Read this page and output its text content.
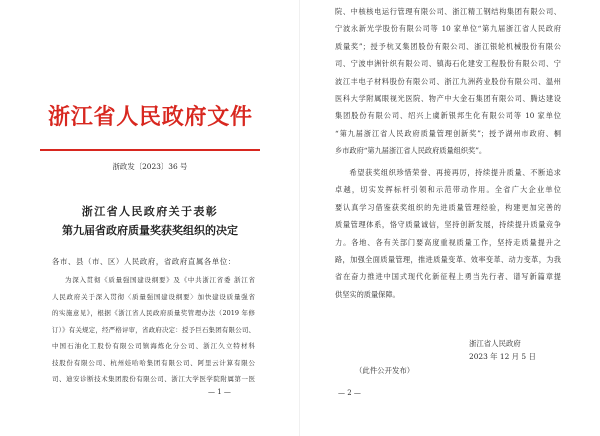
浙江省人民政府文件
浙政发〔2023〕36 号
浙江省人民政府关于表彰
第九届省政府质量奖获奖组织的决定
各市、县（市、区）人民政府，省政府直属各单位：
为深入贯彻《质量强国建设纲要》及《中共浙江省委 浙江省
人民政府关于深入贯彻〈质量强国建设纲要〉加快建设质量强省
的实施意见》，根据《浙江省人民政府质量奖管理办法（2019 年修
订）》有关规定，经严格评审，省政府决定：授予巨石集团有限公司、
中国石油化工股份有限公司镇海炼化分公司、浙江久立特材科
技股份有限公司、杭州娃哈哈集团有限公司、阿里云计算有限公
司、迪安诊断技术集团股份有限公司、浙江大学医学院附属第一医
— 1 —
院、中核核电运行管理有限公司、浙江精工钢结构集团有限公司、
宁波永新光学股份有限公司等 10 家单位“第九届浙江省人民政府
质量奖”；授予杭叉集团股份有限公司、浙江银轮机械股份有限公
司、宁波申洲针织有限公司、镇海石化建安工程股份有限公司、宁
波江丰电子材料股份有限公司、浙江九洲药业股份有限公司、温州
医科大学附属眼视光医院、物产中大金石集团有限公司、腾达建设
集团股份有限公司、绍兴上虞新银邦生化有限公司等 10 家单位
“第九届浙江省人民政府质量管理创新奖”；授予湖州市政府、桐
乡市政府“第九届浙江省人民政府质量组织奖”。
希望获奖组织珍惜荣誉、再接再厉，持续提升质量、不断追求
卓越，切实发挥标杆引领和示范带动作用。全省广大企业单位
要认真学习借鉴获奖组织的先进质量管理经验，构建更加完善的
质量管理体系，恪守质量诚信，坚持创新发展，持续提升质量竞争
力。各地、各有关部门要高度重视质量工作，坚持走质量提升之
路，加强全面质量管理，推进质量变革、效率变革、动力变革，为我
省在奋力推进中国式现代化新征程上勇当先行者、谱写新篇章提
供坚实的质量保障。
浙江省人民政府
2023 年 12 月 5 日
（此件公开发布）
— 2 —
